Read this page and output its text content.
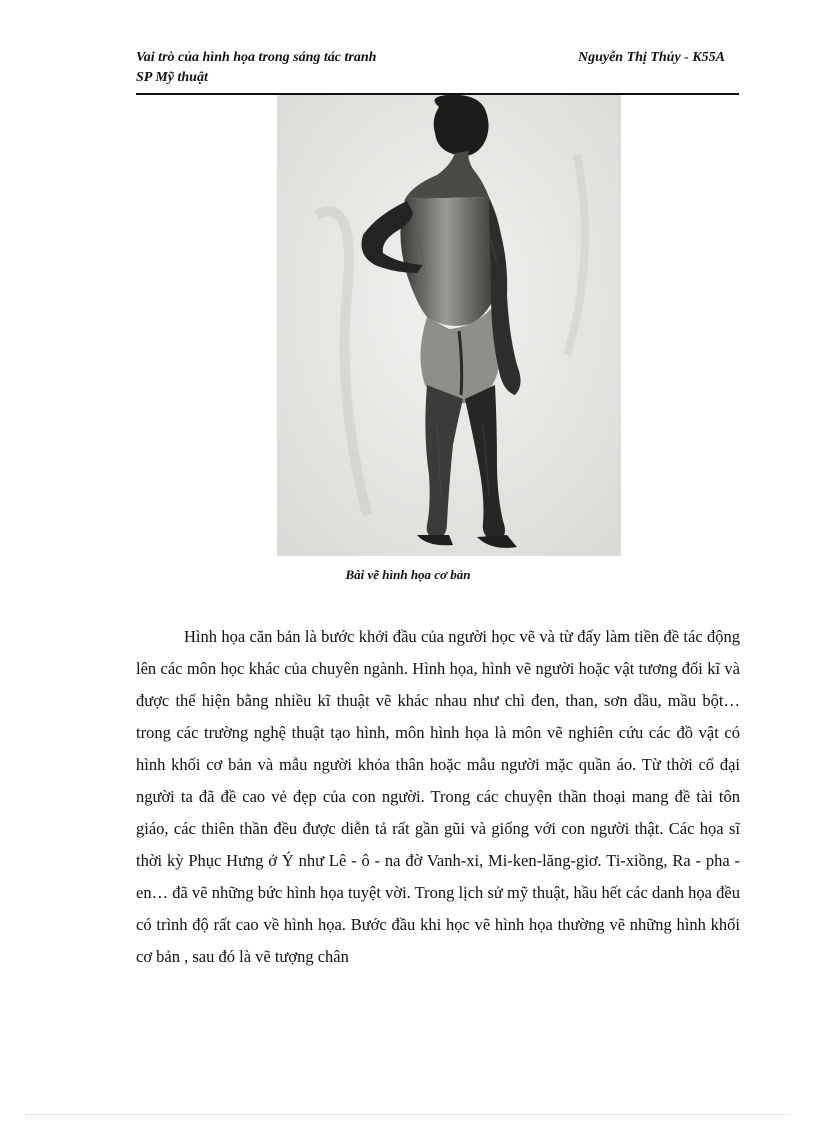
Vai trò của hình họa trong sáng tác tranh
SP Mỹ thuật
Nguyễn Thị Thúy - K55A
Bài vẽ hình họa cơ bản

Hình họa căn bản là bước khởi đầu của người học vẽ và từ đấy làm tiền đề tác động lên các môn học khác của chuyên ngành. Hình họa, hình vẽ người hoặc vật tương đối kĩ và được thể hiện bằng nhiều kĩ thuật vẽ khác nhau như chì đen, than, sơn dầu, mầu bột… trong các trường nghệ thuật tạo hình, môn hình họa là môn vẽ nghiên cứu các đồ vật có hình khối cơ bản và mẫu người khỏa thân hoặc mẫu người mặc quần áo. Từ thời cổ đại người ta đã đề cao vẻ đẹp của con người. Trong các chuyện thần thoại mang đề tài tôn giáo, các thiên thần đều được diễn tả rất gần gũi và giống với con người thật. Các họa sĩ thời kỳ Phục Hưng ở Ý như Lê - ô - na đờ Vanh-xi, Mi-ken-lăng-giơ. Ti-xiồng, Ra - pha - en… đã vẽ những bức hình họa tuyệt vời. Trong lịch sử mỹ thuật, hầu hết các danh họa đều có trình độ rất cao về hình họa. Bước đầu khi học vẽ hình họa thường vẽ những hình khối cơ bản , sau đó là vẽ tượng chân
